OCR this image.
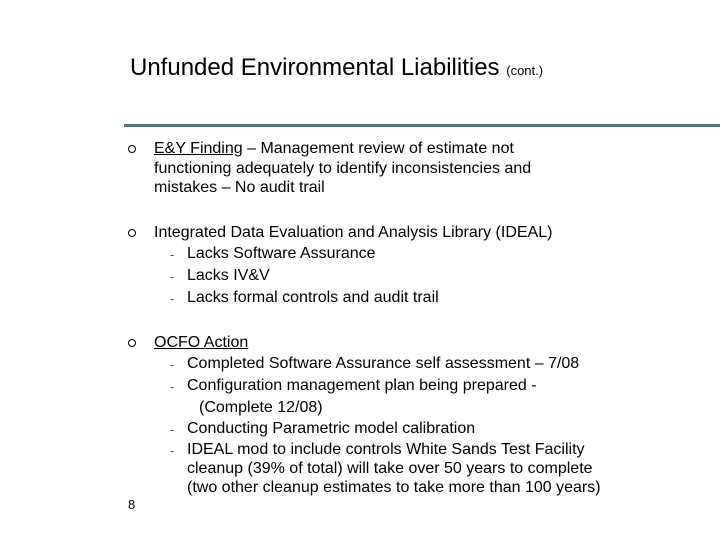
Unfunded Environmental Liabilities (cont.)
E&Y Finding – Management review of estimate not
functioning adequately to identify inconsistencies and
mistakes – No audit trail
Integrated Data Evaluation and Analysis Library (IDEAL)
- Lacks Software Assurance
- Lacks IV&V
- Lacks formal controls and audit trail
OCFO Action
- Completed Software Assurance self assessment – 7/08
- Configuration management plan being prepared -
(Complete 12/08)
- Conducting Parametric model calibration
- IDEAL mod to include controls White Sands Test Facility
cleanup (39% of total) will take over 50 years to complete
(two other cleanup estimates to take more than 100 years)
8
